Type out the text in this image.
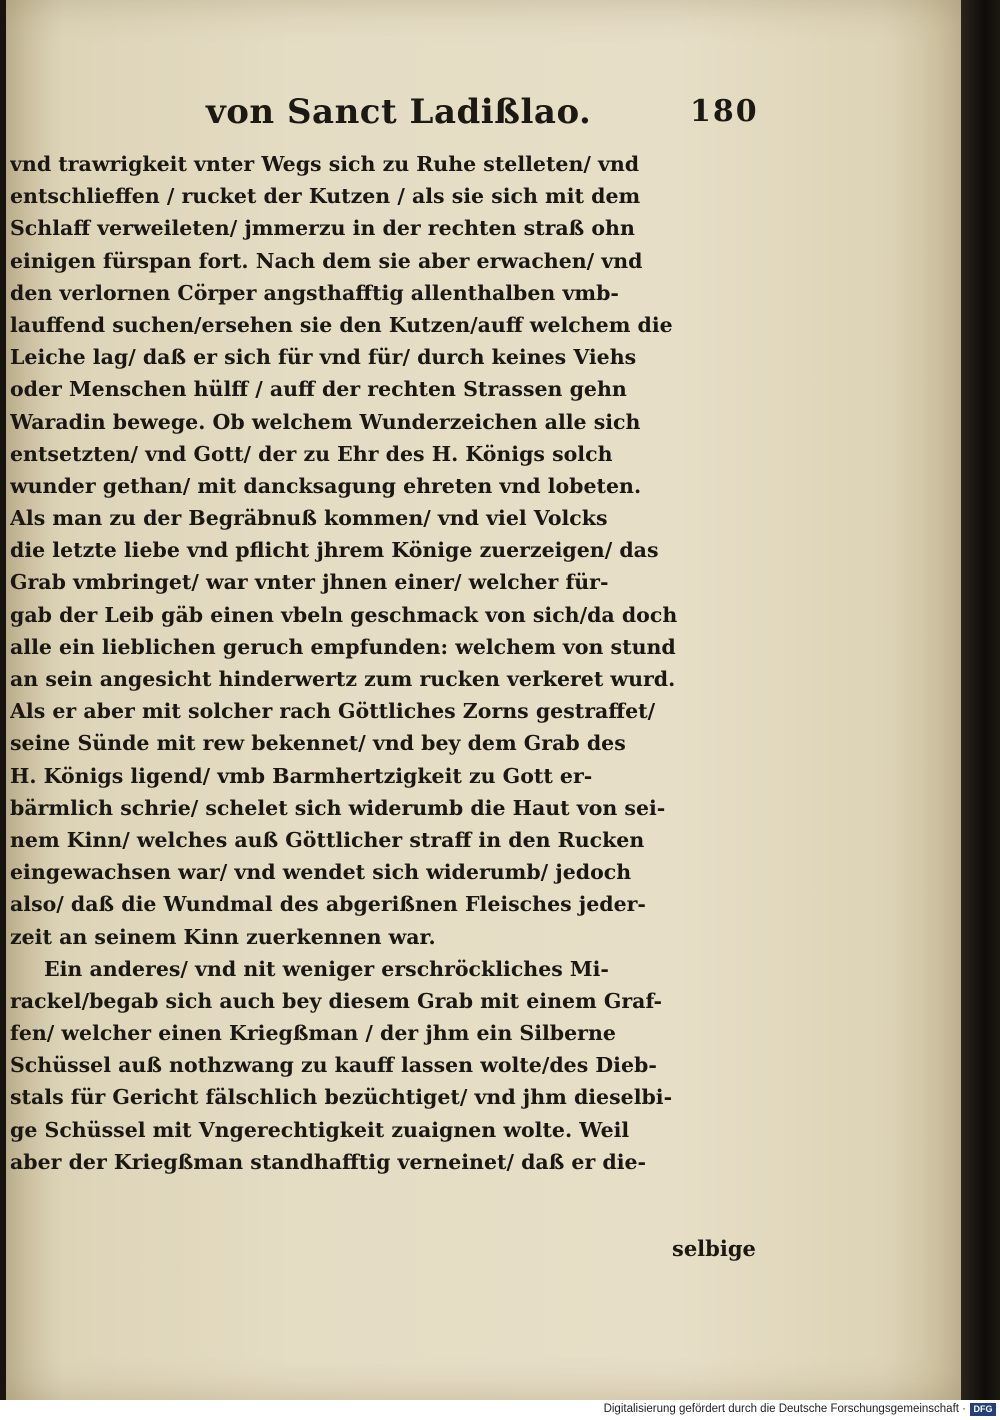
von Sanct Ladißlao.	180
vnd trawrigkeit vnter Wegs sich zu Ruhe stelleten/ vnd
entschlieffen / rucket der Kutzen / als sie sich mit dem
Schlaff verweileten/ jmmerzu in der rechten straß ohn
einigen fürspan fort. Nach dem sie aber erwachen/ vnd
den verlornen Cörper angsthafftig allenthalben vmb-
lauffend suchen/ersehen sie den Kutzen/auff welchem die
Leiche lag/ daß er sich für vnd für/ durch keines Viehs
oder Menschen hülff / auff der rechten Strassen gehn
Waradin bewege. Ob welchem Wunderzeichen alle sich
entsetzten/ vnd Gott/ der zu Ehr des H. Königs solch
wunder gethan/ mit dancksagung ehreten vnd lobeten.
Als man zu der Begräbnuß kommen/ vnd viel Volcks
die letzte liebe vnd pflicht jhrem Könige zuerzeigen/ das
Grab vmbringet/ war vnter jhnen einer/ welcher für-
gab der Leib gäb einen vbeln geschmack von sich/da doch
alle ein lieblichen geruch empfunden: welchem von stund
an sein angesicht hinderwertz zum rucken verkeret wurd.
Als er aber mit solcher rach Göttliches Zorns gestraffet/
seine Sünde mit rew bekennet/ vnd bey dem Grab des
H. Königs ligend/ vmb Barmhertzigkeit zu Gott er-
bärmlich schrie/ schelet sich widerumb die Haut von sei-
nem Kinn/ welches auß Göttlicher straff in den Rucken
eingewachsen war/ vnd wendet sich widerumb/ jedoch
also/ daß die Wundmal des abgerißnen Fleisches jeder-
zeit an seinem Kinn zuerkennen war.
Ein anderes/ vnd nit weniger erschröckliches Mi-
rackel/begab sich auch bey diesem Grab mit einem Graf-
fen/ welcher einen Kriegßman / der jhm ein Silberne
Schüssel auß nothzwang zu kauff lassen wolte/des Dieb-
stals für Gericht fälschlich bezüchtiget/ vnd jhm dieselbi-
ge Schüssel mit Vngerechtigkeit zuaignen wolte. Weil
aber der Kriegßman standhafftig verneinet/ daß er die-
selbige
Digitalisierung gefördert durch die Deutsche Forschungsgemeinschaft · DFG
